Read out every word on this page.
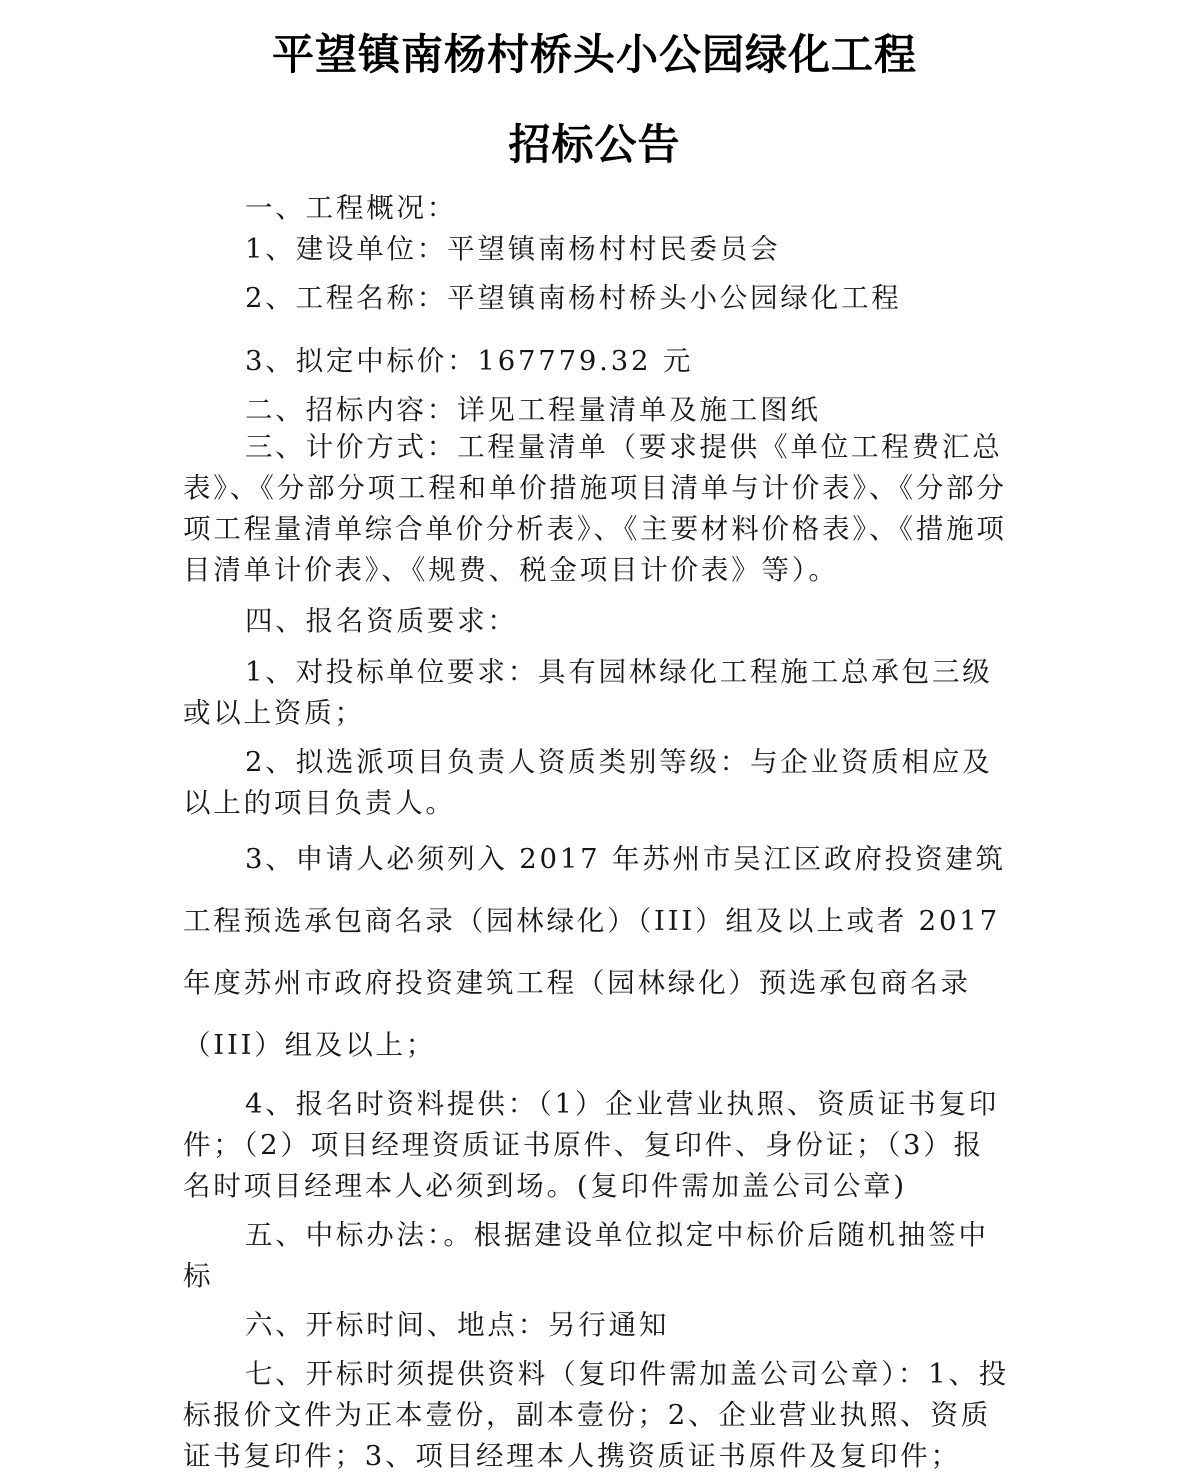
平望镇南杨村桥头小公园绿化工程
招标公告

一、工程概况：

1、建设单位：平望镇南杨村村民委员会

2、工程名称：平望镇南杨村桥头小公园绿化工程

3、拟定中标价：167779.32 元

二、招标内容：详见工程量清单及施工图纸

三、计价方式：工程量清单（要求提供《单位工程费汇总表》、《分部分项工程和单价措施项目清单与计价表》、《分部分项工程量清单综合单价分析表》、《主要材料价格表》、《措施项目清单计价表》、《规费、税金项目计价表》等）。

四、报名资质要求：

1、对投标单位要求：具有园林绿化工程施工总承包三级或以上资质；

2、拟选派项目负责人资质类别等级：与企业资质相应及以上的项目负责人。

3、申请人必须列入 2017 年苏州市吴江区政府投资建筑工程预选承包商名录（园林绿化）（III）组及以上或者 2017 年度苏州市政府投资建筑工程（园林绿化）预选承包商名录（III）组及以上；

4、报名时资料提供：（1）企业营业执照、资质证书复印件；（2）项目经理资质证书原件、复印件、身份证；（3）报名时项目经理本人必须到场。(复印件需加盖公司公章)

五、中标办法：。根据建设单位拟定中标价后随机抽签中标

六、开标时间、地点：另行通知

七、开标时须提供资料（复印件需加盖公司公章）：1、投标报价文件为正本壹份，副本壹份；2、企业营业执照、资质证书复印件；3、项目经理本人携资质证书原件及复印件；
